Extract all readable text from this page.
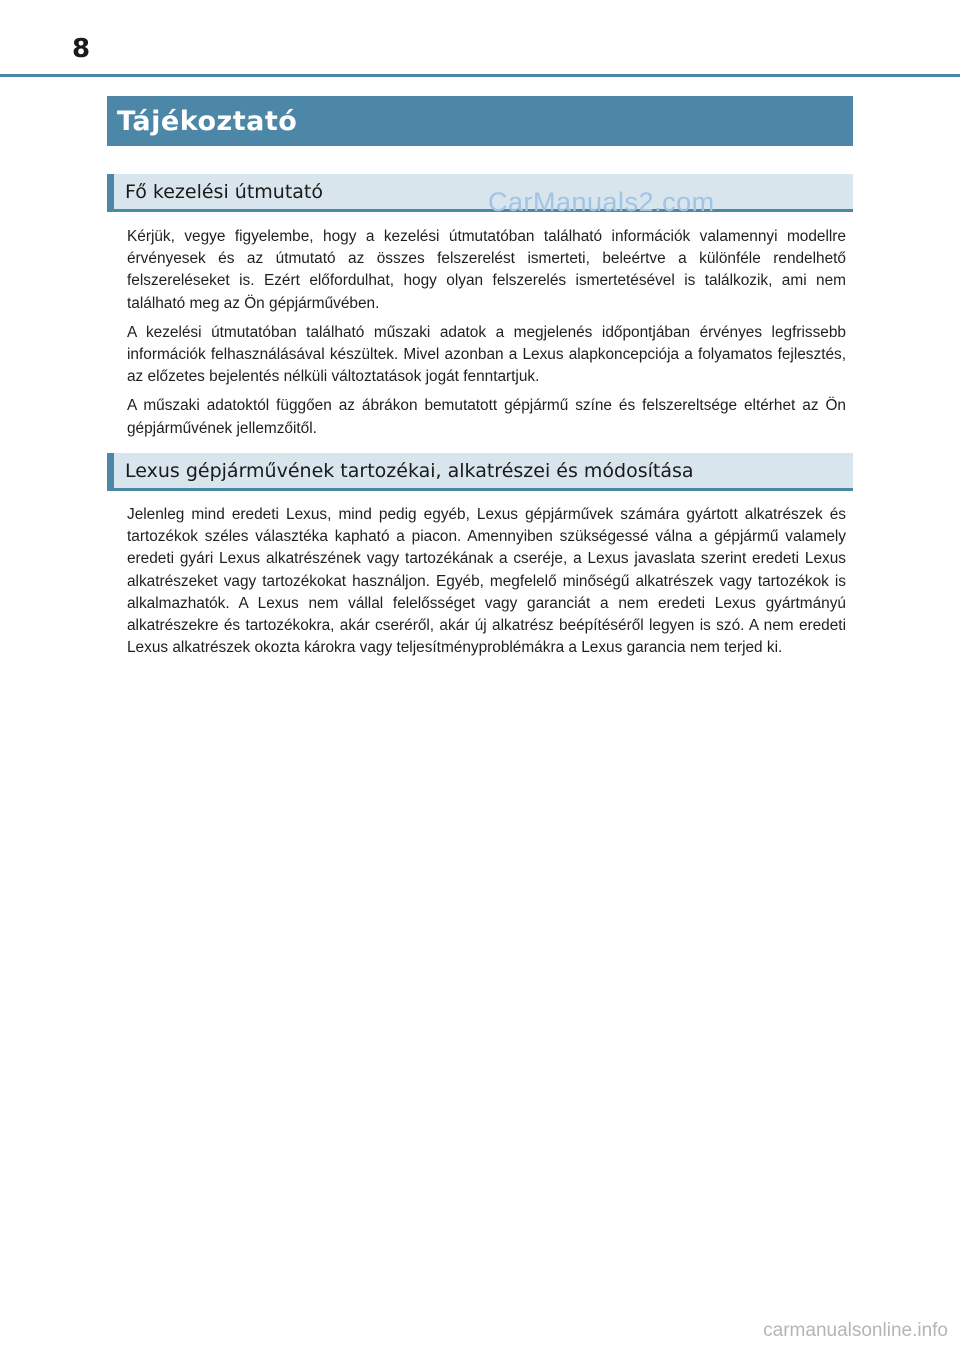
8
Tájékoztató
Fő kezelési útmutató	CarManuals2.com

Kérjük, vegye figyelembe, hogy a kezelési útmutatóban található információk valamennyi modellre érvényesek és az útmutató az összes felszerelést ismerteti, beleértve a különféle rendelhető felszereléseket is. Ezért előfordulhat, hogy olyan felszerelés ismertetésével is találkozik, ami nem található meg az Ön gépjárművében.

A kezelési útmutatóban található műszaki adatok a megjelenés időpontjában érvényes legfrissebb információk felhasználásával készültek. Mivel azonban a Lexus alapkoncepciója a folyamatos fejlesztés, az előzetes bejelentés nélküli változtatások jogát fenntartjuk.

A műszaki adatoktól függően az ábrákon bemutatott gépjármű színe és felszereltsége eltérhet az Ön gépjárművének jellemzőitől.

Lexus gépjárművének tartozékai, alkatrészei és módosítása

Jelenleg mind eredeti Lexus, mind pedig egyéb, Lexus gépjárművek számára gyártott alkatrészek és tartozékok széles választéka kapható a piacon. Amennyiben szükségessé válna a gépjármű valamely eredeti gyári Lexus alkatrészének vagy tartozékának a cseréje, a Lexus javaslata szerint eredeti Lexus alkatrészeket vagy tartozékokat használjon. Egyéb, megfelelő minőségű alkatrészek vagy tartozékok is alkalmazhatók. A Lexus nem vállal felelősséget vagy garanciát a nem eredeti Lexus gyártmányú alkatrészekre és tartozékokra, akár cseréről, akár új alkatrész beépítéséről legyen is szó. A nem eredeti Lexus alkatrészek okozta károkra vagy teljesítményproblémákra a Lexus garancia nem terjed ki.

carmanualsonline.info
